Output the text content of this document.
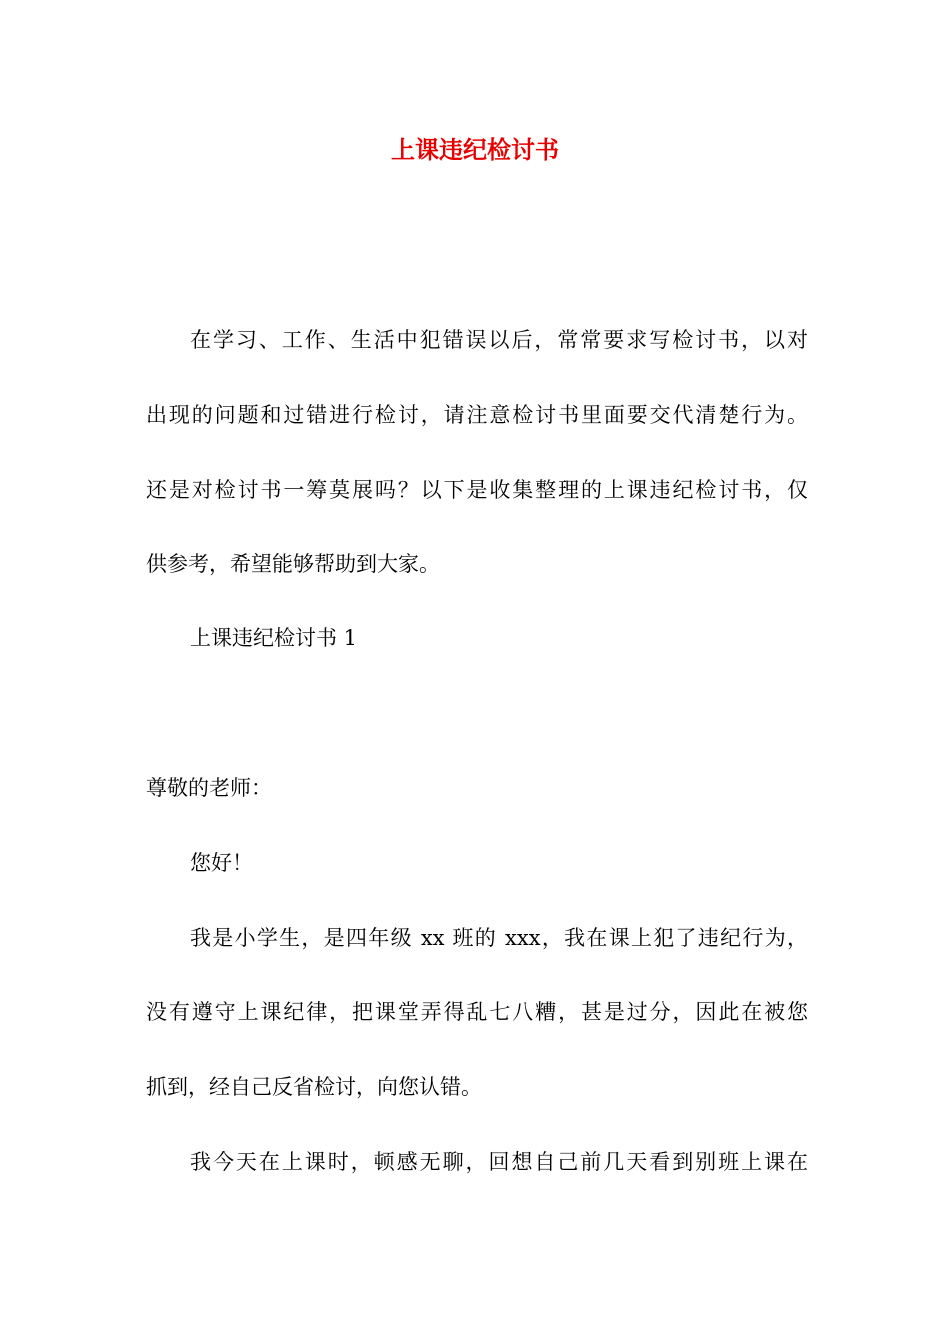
上课违纪检讨书

在学习、工作、生活中犯错误以后，常常要求写检讨书，以对

出现的问题和过错进行检讨，请注意检讨书里面要交代清楚行为。

还是对检讨书一筹莫展吗？以下是收集整理的上课违纪检讨书，仅

供参考，希望能够帮助到大家。

上课违纪检讨书 1

尊敬的老师：

您好！

我是小学生，是四年级 xx 班的 xxx，我在课上犯了违纪行为，

没有遵守上课纪律，把课堂弄得乱七八糟，甚是过分，因此在被您

抓到，经自己反省检讨，向您认错。

我今天在上课时，顿感无聊，回想自己前几天看到别班上课在
